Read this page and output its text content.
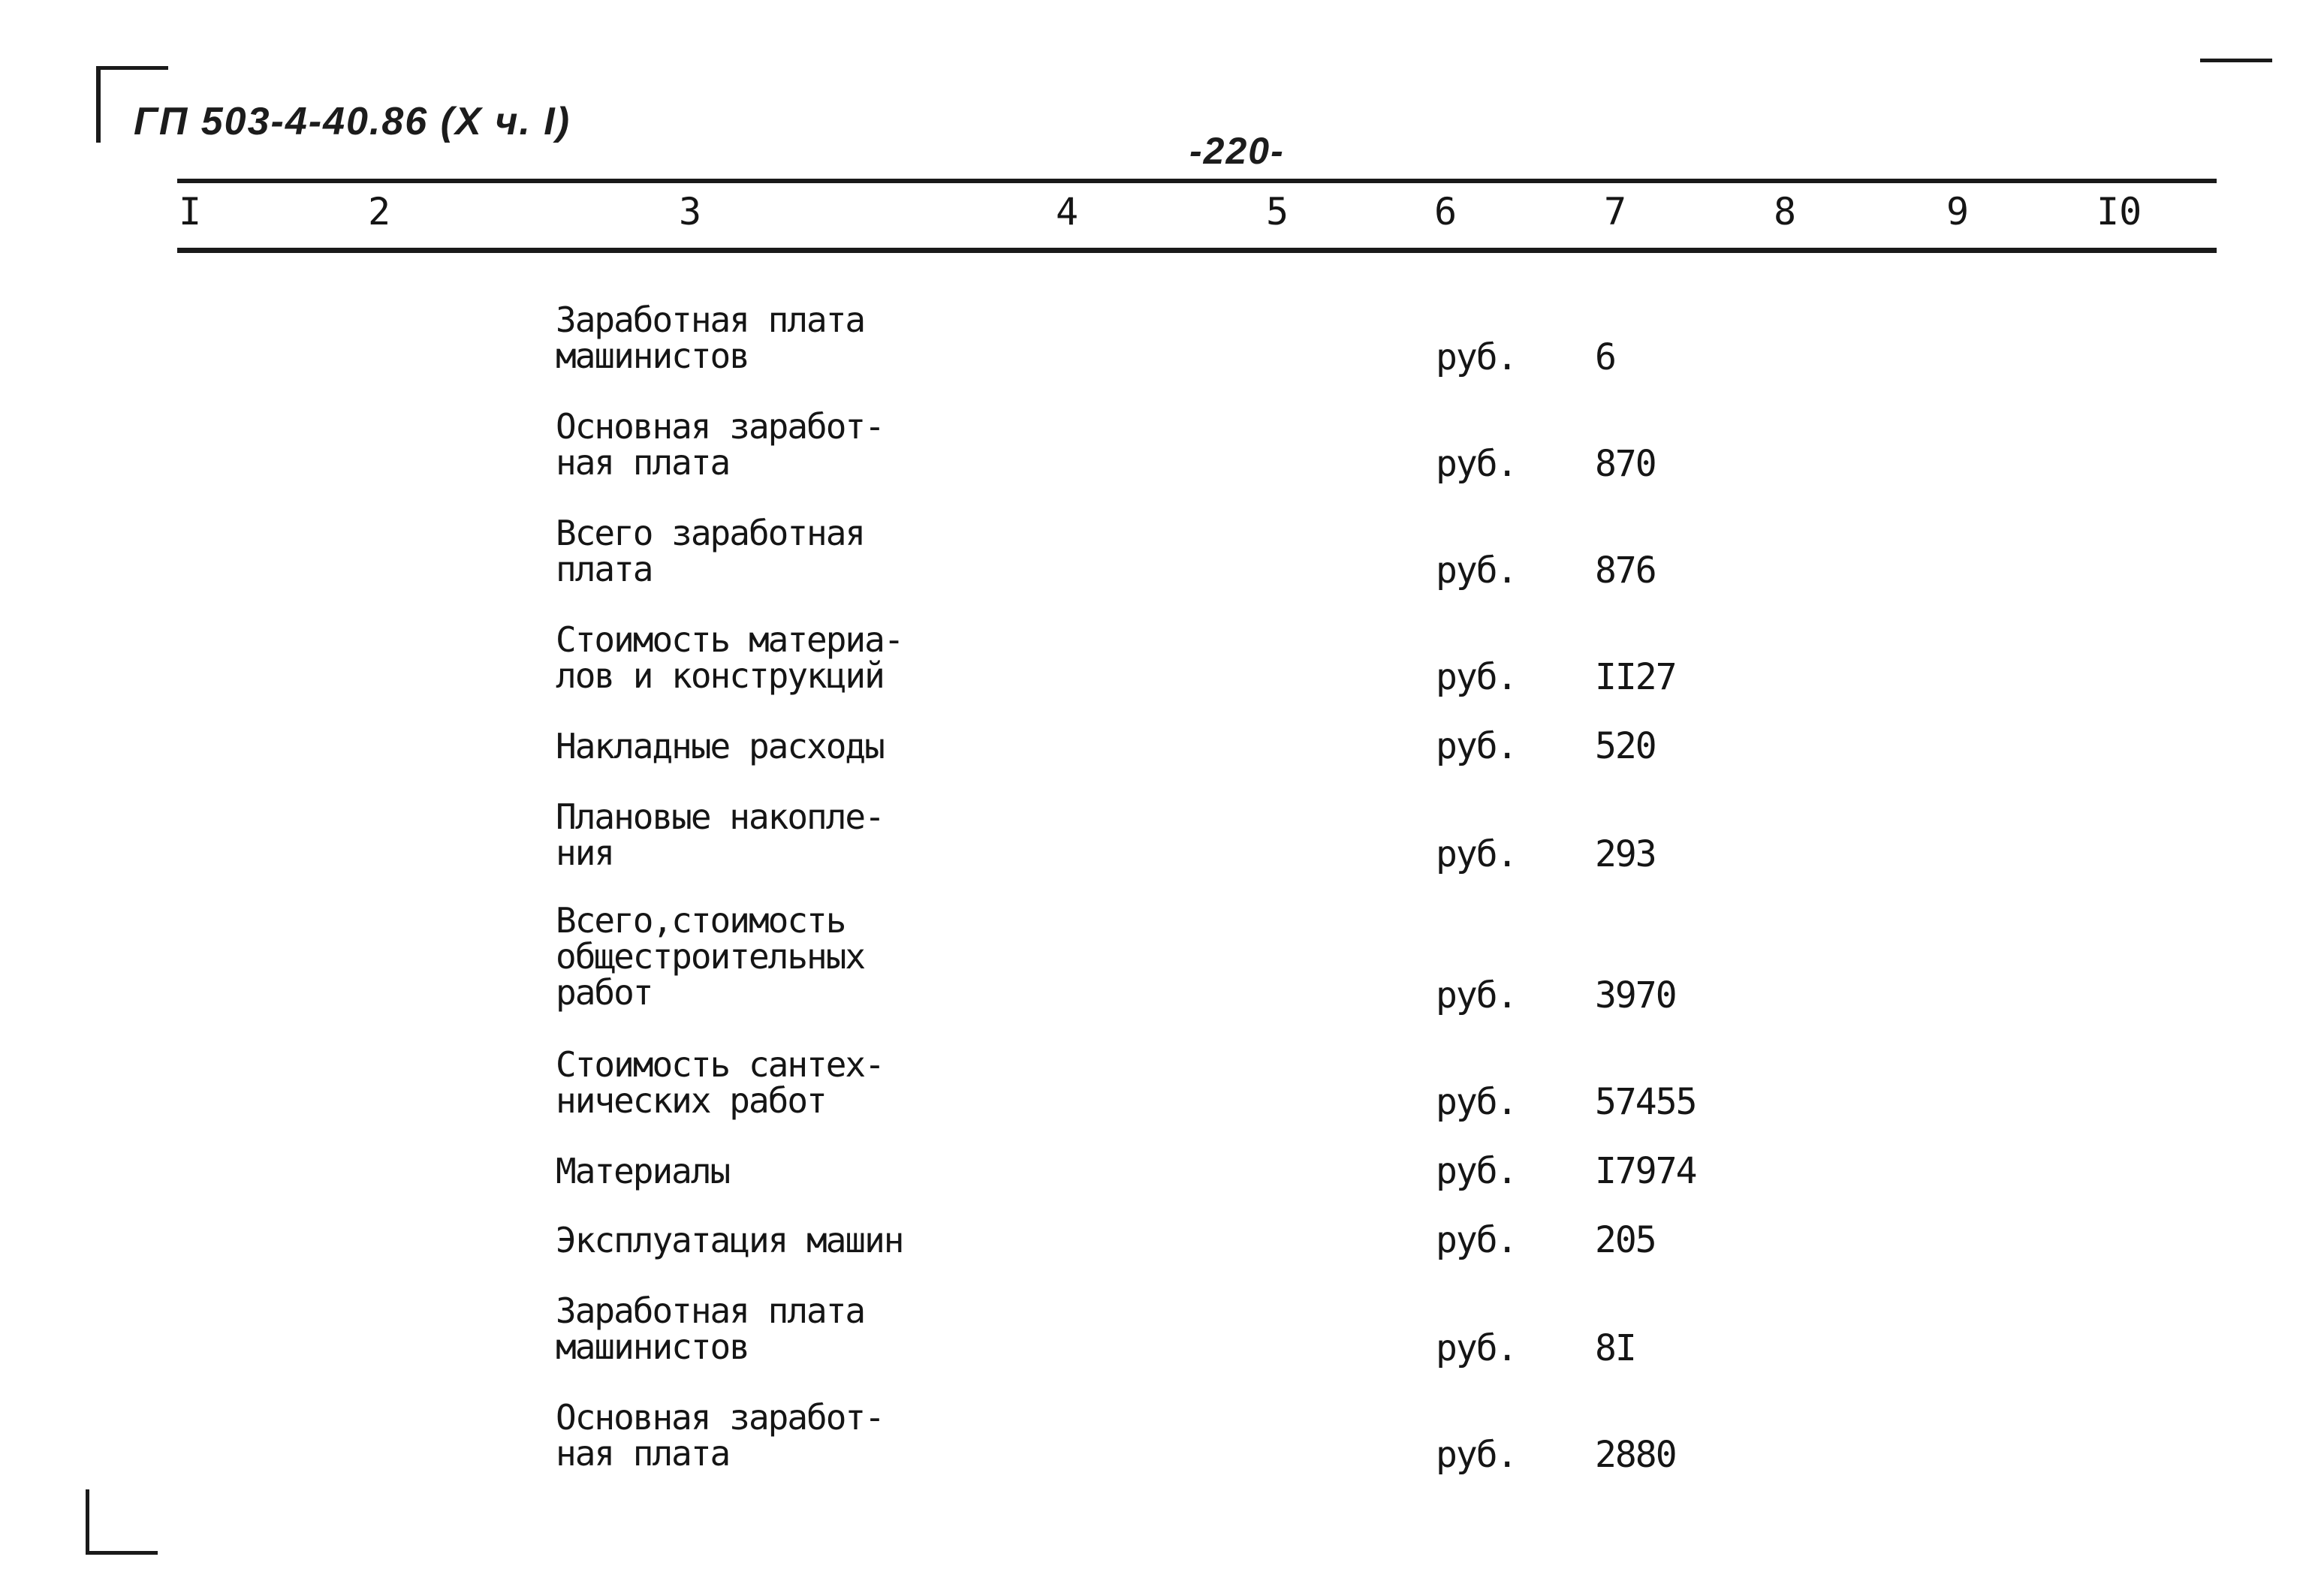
ГП 503-4-40.86 (X ч. I)
-220-
I	2	3	4	5	6	7	8	9	I0
Заработная плата
машинистов	руб. 6
Основная заработ-
ная плата	руб. 870
Всего заработная
плата	руб. 876
Стоимость материа-
лов и конструкций	руб. II27
Накладные расходы	руб. 520
Плановые накопле-
ния	руб. 293
Всего,стоимость
общестроительных
работ	руб. 3970
Стоимость сантех-
нических работ	руб. 57455
Материалы	руб. I7974
Эксплуатация машин	руб. 205
Заработная плата
машинистов	руб. 8I
Основная заработ-
ная плата	руб. 2880
